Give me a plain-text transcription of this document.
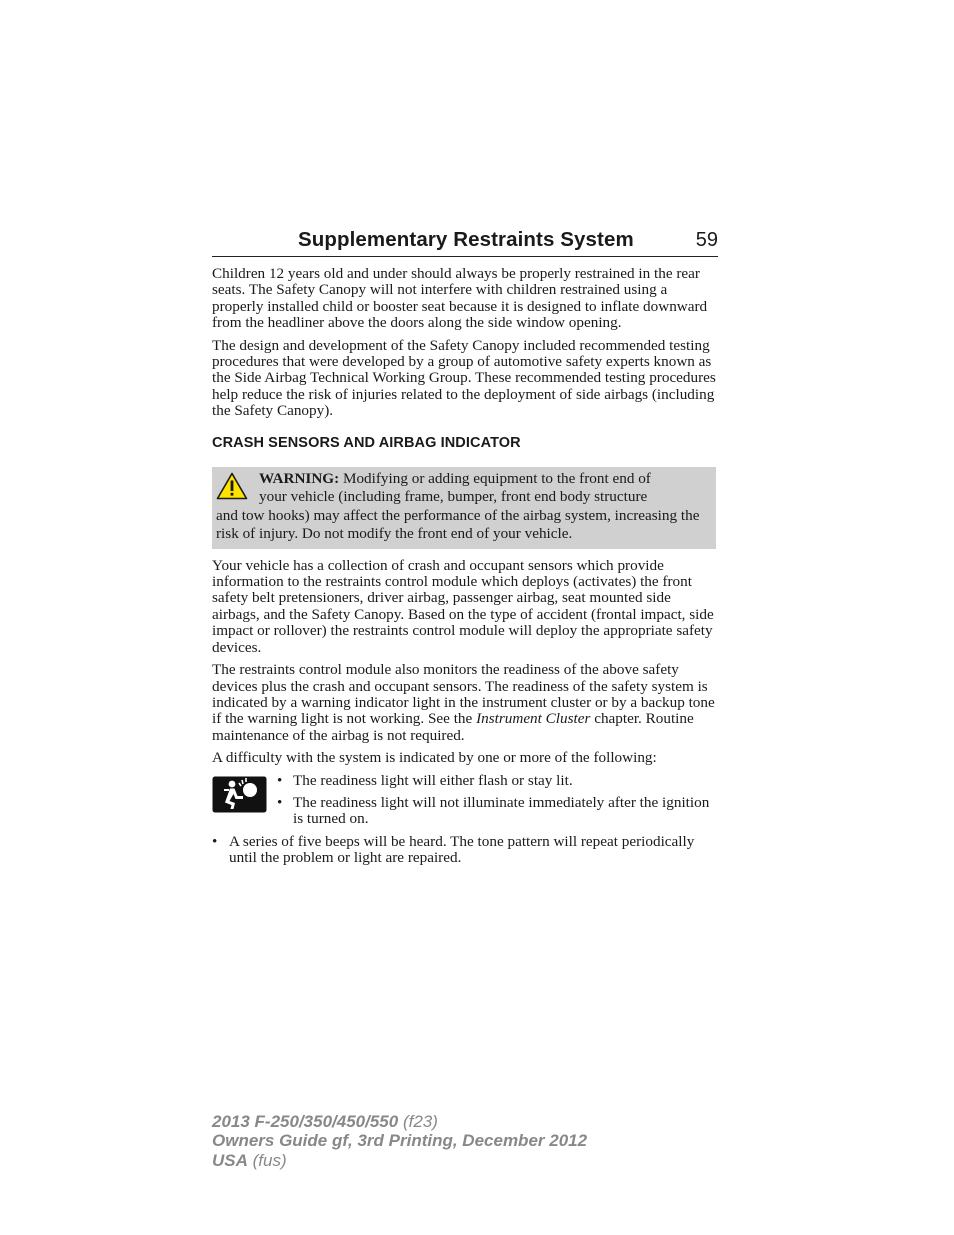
Supplementary Restraints System	59

Children 12 years old and under should always be properly restrained in the rear seats. The Safety Canopy will not interfere with children restrained using a properly installed child or booster seat because it is designed to inflate downward from the headliner above the doors along the side window opening.

The design and development of the Safety Canopy included recommended testing procedures that were developed by a group of automotive safety experts known as the Side Airbag Technical Working Group. These recommended testing procedures help reduce the risk of injuries related to the deployment of side airbags (including the Safety Canopy).

CRASH SENSORS AND AIRBAG INDICATOR

WARNING: Modifying or adding equipment to the front end of

your vehicle (including frame, bumper, front end body structure

and tow hooks) may affect the performance of the airbag system, increasing the risk of injury. Do not modify the front end of your vehicle.

Your vehicle has a collection of crash and occupant sensors which provide information to the restraints control module which deploys (activates) the front safety belt pretensioners, driver airbag, passenger airbag, seat mounted side airbags, and the Safety Canopy. Based on the type of accident (frontal impact, side impact or rollover) the restraints control module will deploy the appropriate safety devices.

The restraints control module also monitors the readiness of the above safety devices plus the crash and occupant sensors. The readiness of the safety system is indicated by a warning indicator light in the instrument cluster or by a backup tone if the warning light is not working. See the Instrument Cluster chapter. Routine maintenance of the airbag is not required.

A difficulty with the system is indicated by one or more of the following:

• The readiness light will either flash or stay lit.
• The readiness light will not illuminate immediately after the ignition is turned on.
• A series of five beeps will be heard. The tone pattern will repeat periodically until the problem or light are repaired.
2013 F-250/350/450/550 (f23)
Owners Guide gf, 3rd Printing, December 2012
USA (fus)
